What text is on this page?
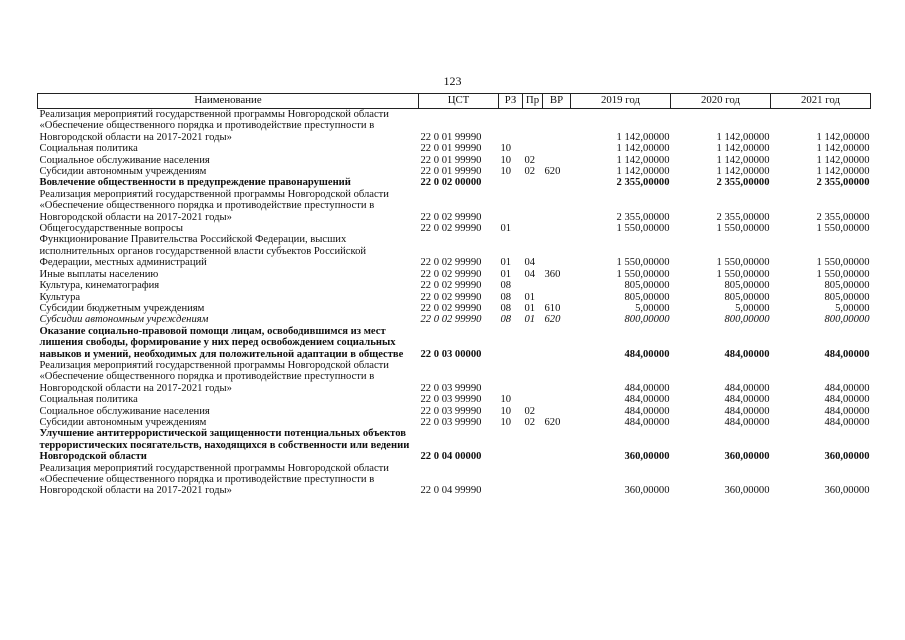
123
Наименование	ЦСТ	РЗ	Пр	ВР	2019 год	2020 год	2021 год
Реализация мероприятий государственной программы Новгородской области «Обеспечение общественного порядка и противодействие преступности в Новгородской области на 2017-2021 годы»	22 0 01 99990				1 142,00000	1 142,00000	1 142,00000
Социальная политика	22 0 01 99990	10			1 142,00000	1 142,00000	1 142,00000
Социальное обслуживание населения	22 0 01 99990	10	02		1 142,00000	1 142,00000	1 142,00000
Субсидии автономным учреждениям	22 0 01 99990	10	02	620	1 142,00000	1 142,00000	1 142,00000
Вовлечение общественности в предупреждение правонарушений	22 0 02 00000				2 355,00000	2 355,00000	2 355,00000
Реализация мероприятий государственной программы Новгородской области «Обеспечение общественного порядка и противодействие преступности в Новгородской области на 2017-2021 годы»	22 0 02 99990				2 355,00000	2 355,00000	2 355,00000
Общегосударственные вопросы	22 0 02 99990	01			1 550,00000	1 550,00000	1 550,00000
Функционирование Правительства Российской Федерации, высших исполнительных органов государственной власти субъектов Российской Федерации, местных администраций	22 0 02 99990	01	04		1 550,00000	1 550,00000	1 550,00000
Иные выплаты населению	22 0 02 99990	01	04	360	1 550,00000	1 550,00000	1 550,00000
Культура, кинематография	22 0 02 99990	08			805,00000	805,00000	805,00000
Культура	22 0 02 99990	08	01		805,00000	805,00000	805,00000
Субсидии бюджетным учреждениям	22 0 02 99990	08	01	610	5,00000	5,00000	5,00000
Субсидии автономным учреждениям	22 0 02 99990	08	01	620	800,00000	800,00000	800,00000
Оказание социально-правовой помощи лицам, освободившимся из мест лишения свободы, формирование у них перед освобождением социальных навыков и умений, необходимых для положительной адаптации в обществе	22 0 03 00000				484,00000	484,00000	484,00000
Реализация мероприятий государственной программы Новгородской области «Обеспечение общественного порядка и противодействие преступности в Новгородской области на 2017-2021 годы»	22 0 03 99990				484,00000	484,00000	484,00000
Социальная политика	22 0 03 99990	10			484,00000	484,00000	484,00000
Социальное обслуживание населения	22 0 03 99990	10	02		484,00000	484,00000	484,00000
Субсидии автономным учреждениям	22 0 03 99990	10	02	620	484,00000	484,00000	484,00000
Улучшение антитеррористической защищенности потенциальных объектов террористических посягательств, находящихся в собственности или ведении Новгородской области	22 0 04 00000				360,00000	360,00000	360,00000
Реализация мероприятий государственной программы Новгородской области «Обеспечение общественного порядка и противодействие преступности в Новгородской области на 2017-2021 годы»	22 0 04 99990				360,00000	360,00000	360,00000
